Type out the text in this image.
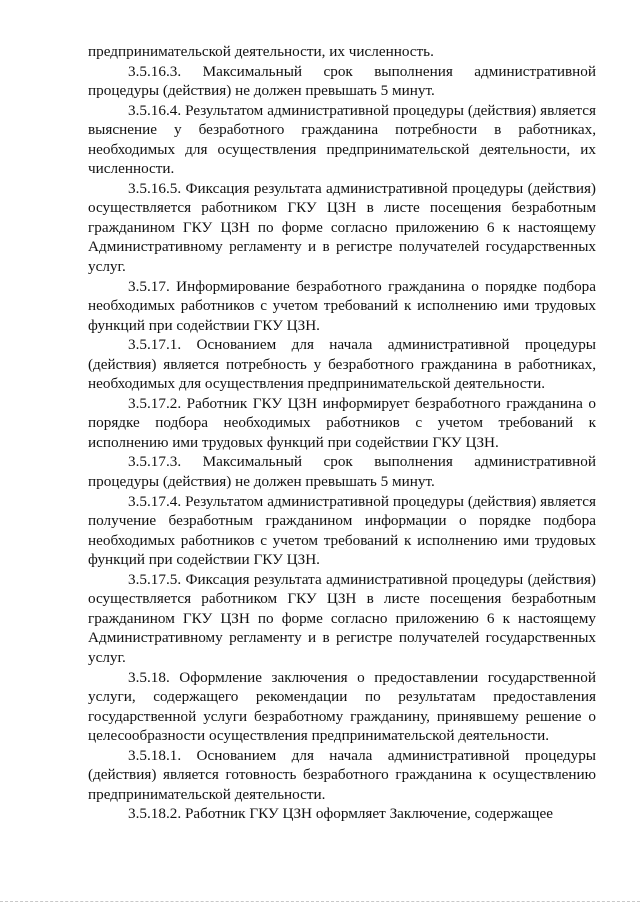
предпринимательской деятельности, их численность.

3.5.16.3. Максимальный срок выполнения административной процедуры (действия) не должен превышать 5 минут.

3.5.16.4. Результатом административной процедуры (действия) является выяснение у безработного гражданина потребности в работниках, необходимых для осуществления предпринимательской деятельности, их численности.

3.5.16.5. Фиксация результата административной процедуры (действия) осуществляется работником ГКУ ЦЗН в листе посещения безработным гражданином ГКУ ЦЗН по форме согласно приложению 6 к настоящему Административному регламенту и в регистре получателей государственных услуг.

3.5.17. Информирование безработного гражданина о порядке подбора необходимых работников с учетом требований к исполнению ими трудовых функций при содействии ГКУ ЦЗН.

3.5.17.1. Основанием для начала административной процедуры (действия) является потребность у безработного гражданина в работниках, необходимых для осуществления предпринимательской деятельности.

3.5.17.2. Работник ГКУ ЦЗН информирует безработного гражданина о порядке подбора необходимых работников с учетом требований к исполнению ими трудовых функций при содействии ГКУ ЦЗН.

3.5.17.3. Максимальный срок выполнения административной процедуры (действия) не должен превышать 5 минут.

3.5.17.4. Результатом административной процедуры (действия) является получение безработным гражданином информации о порядке подбора необходимых работников с учетом требований к исполнению ими трудовых функций при содействии ГКУ ЦЗН.

3.5.17.5. Фиксация результата административной процедуры (действия) осуществляется работником ГКУ ЦЗН в листе посещения безработным гражданином ГКУ ЦЗН по форме согласно приложению 6 к настоящему Административному регламенту и в регистре получателей государственных услуг.

3.5.18. Оформление заключения о предоставлении государственной услуги, содержащего рекомендации по результатам предоставления государственной услуги безработному гражданину, принявшему решение о целесообразности осуществления предпринимательской деятельности.

3.5.18.1. Основанием для начала административной процедуры (действия) является готовность безработного гражданина к осуществлению предпринимательской деятельности.

3.5.18.2. Работник ГКУ ЦЗН оформляет Заключение, содержащее
